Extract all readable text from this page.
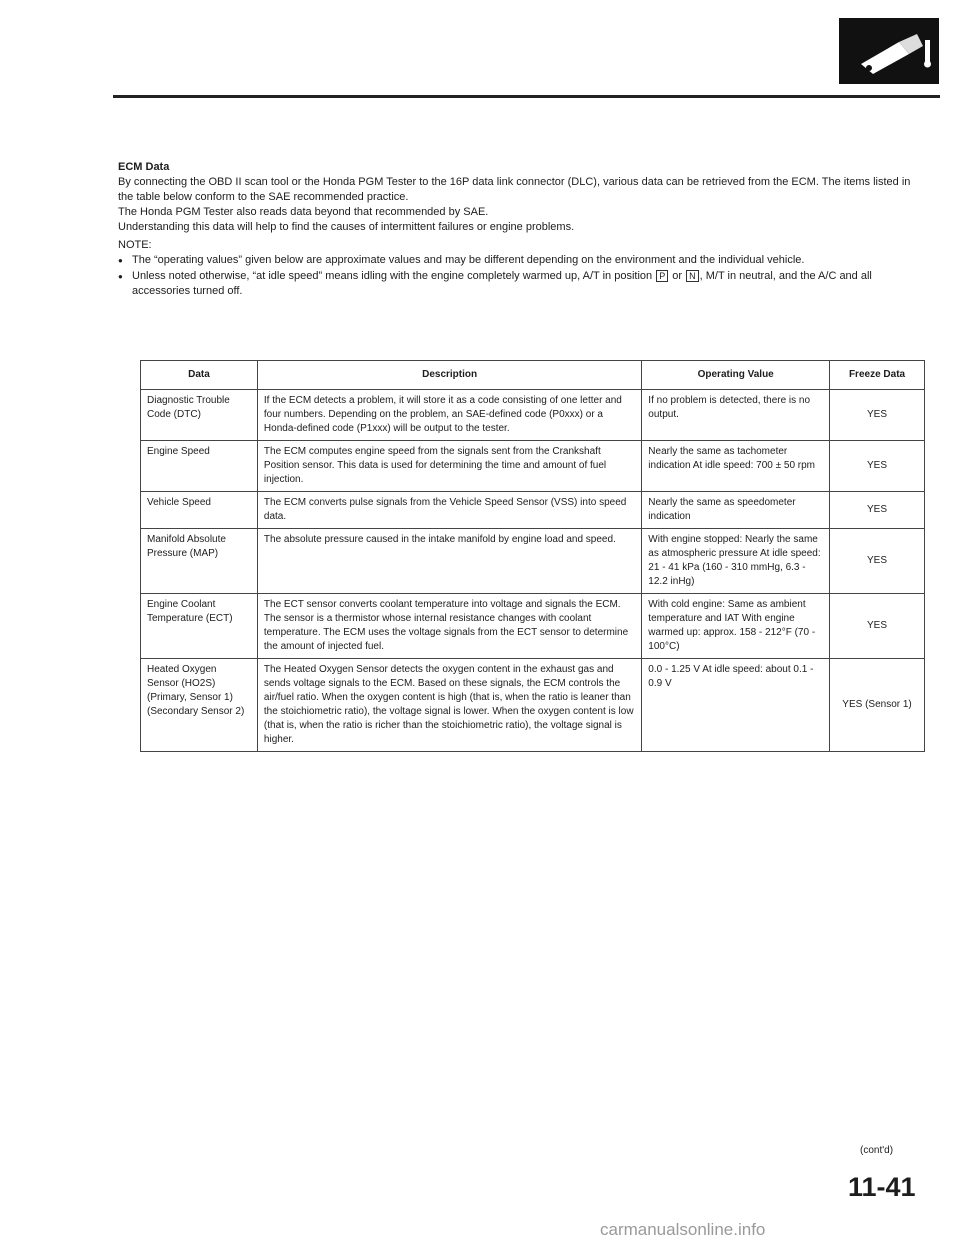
ECM Data
By connecting the OBD II scan tool or the Honda PGM Tester to the 16P data link connector (DLC), various data can be retrieved from the ECM. The items listed in the table below conform to the SAE recommended practice.
The Honda PGM Tester also reads data beyond that recommended by SAE.
Understanding this data will help to find the causes of intermittent failures or engine problems.
NOTE:
● The “operating values” given below are approximate values and may be different depending on the environment and the individual vehicle.
● Unless noted otherwise, “at idle speed” means idling with the engine completely warmed up, A/T in position P or N , M/T in neutral, and the A/C and all accessories turned off.
Data	Description	Operating Value	Freeze Data
Diagnostic Trouble Code (DTC)	If the ECM detects a problem, it will store it as a code consisting of one letter and four numbers. Depending on the problem, an SAE-defined code (P0xxx) or a Honda-defined code (P1xxx) will be output to the tester.	If no problem is detected, there is no output.	YES
Engine Speed	The ECM computes engine speed from the signals sent from the Crankshaft Position sensor. This data is used for determining the time and amount of fuel injection.	Nearly the same as tachometer indication At idle speed: 700 ± 50 rpm	YES
Vehicle Speed	The ECM converts pulse signals from the Vehicle Speed Sensor (VSS) into speed data.	Nearly the same as speedometer indication	YES
Manifold Absolute Pressure (MAP)	The absolute pressure caused in the intake manifold by engine load and speed.	With engine stopped: Nearly the same as atmospheric pressure At idle speed: 21 - 41 kPa (160 - 310 mmHg, 6.3 - 12.2 inHg)	YES
Engine Coolant Temperature (ECT)	The ECT sensor converts coolant temperature into voltage and signals the ECM. The sensor is a thermistor whose internal resistance changes with coolant temperature. The ECM uses the voltage signals from the ECT sensor to determine the amount of injected fuel.	With cold engine: Same as ambient temperature and IAT With engine warmed up: approx. 158 - 212°F (70 - 100°C)	YES
Heated Oxygen Sensor (HO2S) (Primary, Sensor 1) (Secondary Sensor 2)	The Heated Oxygen Sensor detects the oxygen content in the exhaust gas and sends voltage signals to the ECM. Based on these signals, the ECM controls the air/fuel ratio. When the oxygen content is high (that is, when the ratio is leaner than the stoichiometric ratio), the voltage signal is lower. When the oxygen content is low (that is, when the ratio is richer than the stoichiometric ratio), the voltage signal is higher.	0.0 - 1.25 V At idle speed: about 0.1 - 0.9 V	YES (Sensor 1)
(cont'd)
11-41
carmanualsonline.info
